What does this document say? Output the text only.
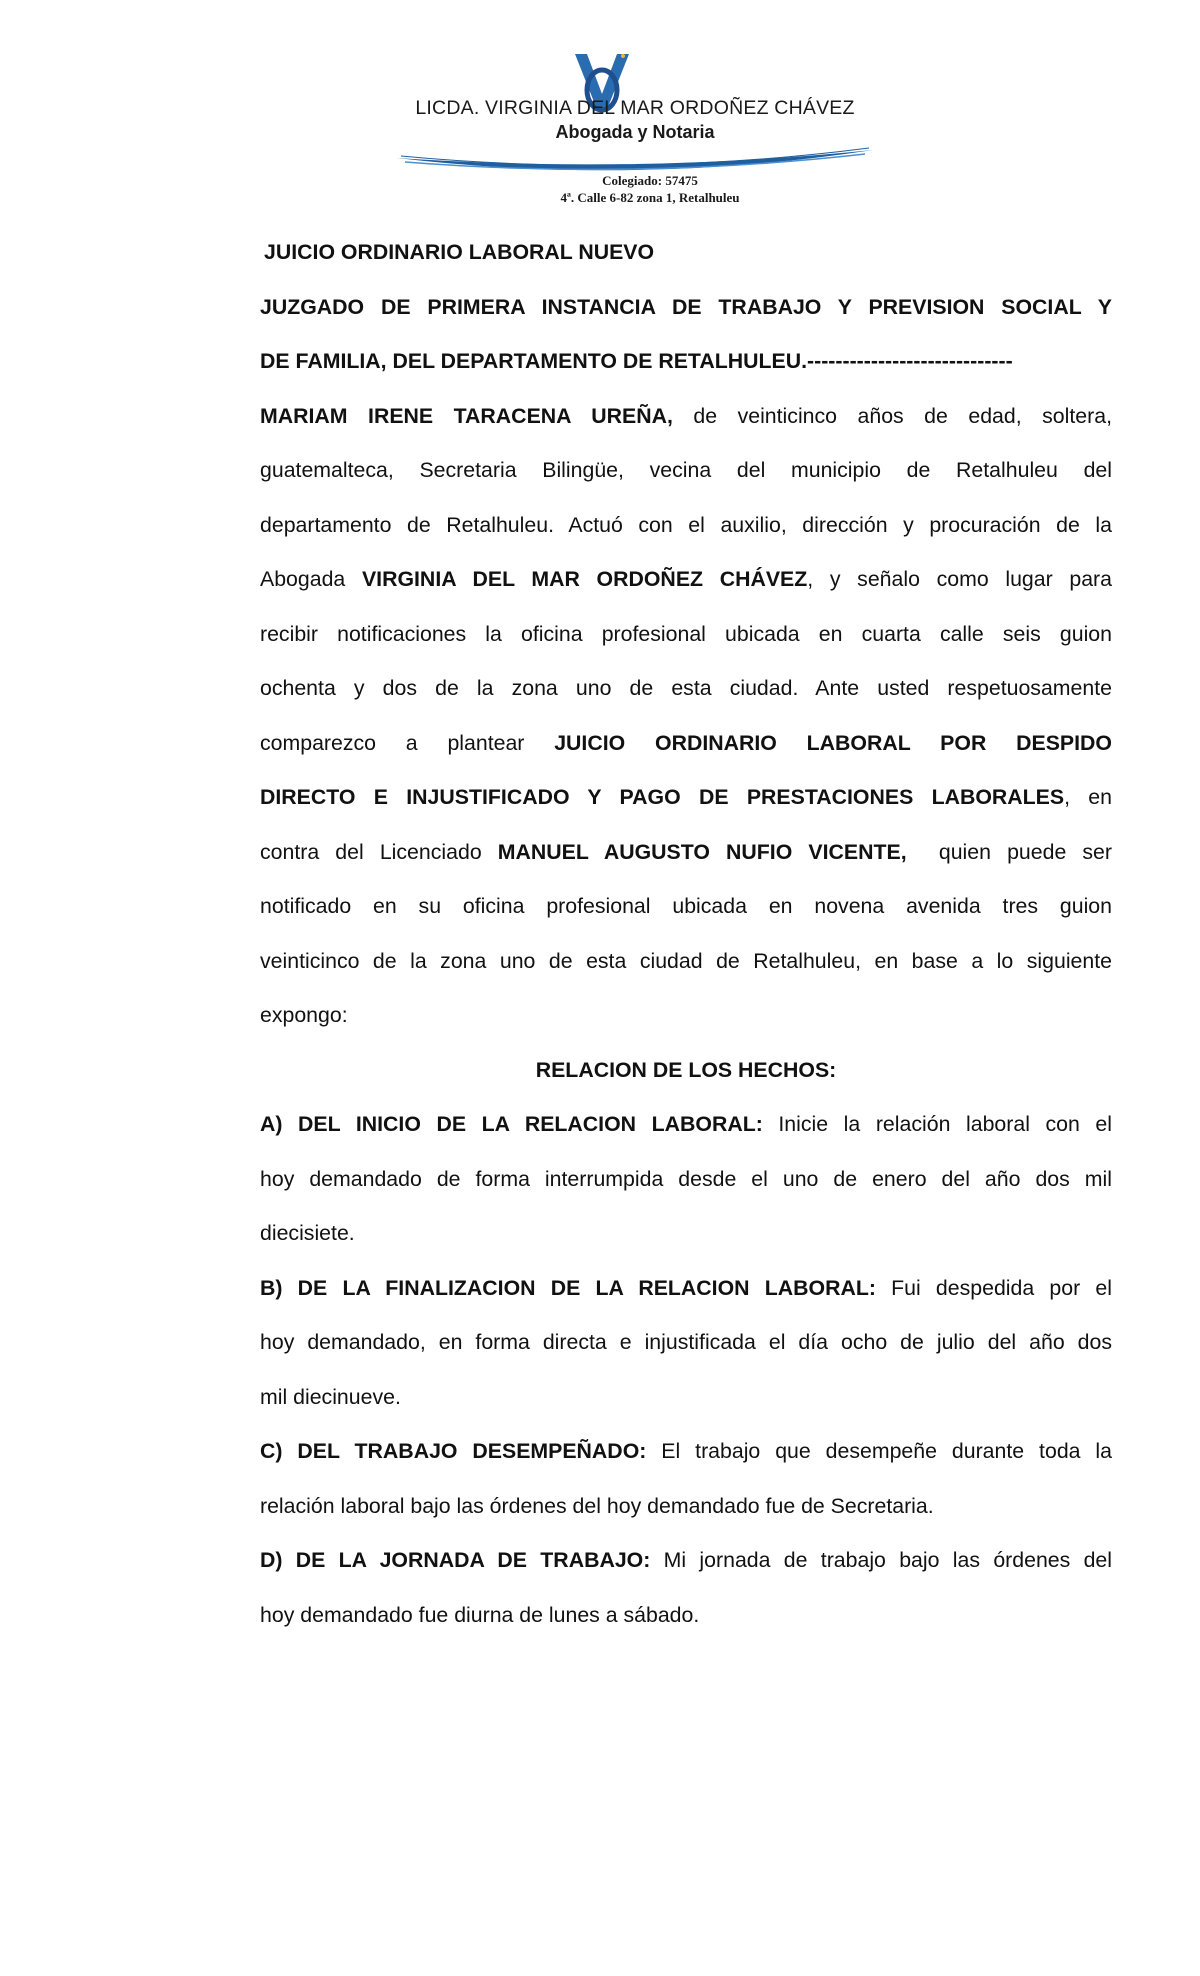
LICDA. VIRGINIA DEL MAR ORDOÑEZ CHÁVEZ
Abogada y Notaria
Colegiado: 57475
4ª. Calle 6-82 zona 1, Retalhuleu
JUICIO ORDINARIO LABORAL NUEVO
JUZGADO DE PRIMERA INSTANCIA DE TRABAJO Y PREVISION SOCIAL Y
DE FAMILIA, DEL DEPARTAMENTO DE RETALHULEU.-----------------------------
MARIAM IRENE TARACENA UREÑA, de veinticinco años de edad, soltera,
guatemalteca, Secretaria Bilingüe, vecina del municipio de Retalhuleu del
departamento de Retalhuleu. Actuó con el auxilio, dirección y procuración de la
Abogada VIRGINIA DEL MAR ORDOÑEZ CHÁVEZ, y señalo como lugar para
recibir notificaciones la oficina profesional ubicada en cuarta calle seis guion
ochenta y dos de la zona uno de esta ciudad. Ante usted respetuosamente
comparezco a plantear JUICIO ORDINARIO LABORAL POR DESPIDO
DIRECTO E INJUSTIFICADO Y PAGO DE PRESTACIONES LABORALES, en
contra del Licenciado MANUEL AUGUSTO NUFIO VICENTE,  quien puede ser
notificado en su oficina profesional ubicada en novena avenida tres guion
veinticinco de la zona uno de esta ciudad de Retalhuleu, en base a lo siguiente
expongo:
RELACION DE LOS HECHOS:
A) DEL INICIO DE LA RELACION LABORAL: Inicie la relación laboral con el
hoy demandado de forma interrumpida desde el uno de enero del año dos mil
diecisiete.
B) DE LA FINALIZACION DE LA RELACION LABORAL: Fui despedida por el
hoy demandado, en forma directa e injustificada el día ocho de julio del año dos
mil diecinueve.
C) DEL TRABAJO DESEMPEÑADO: El trabajo que desempeñe durante toda la
relación laboral bajo las órdenes del hoy demandado fue de Secretaria.
D) DE LA JORNADA DE TRABAJO: Mi jornada de trabajo bajo las órdenes del
hoy demandado fue diurna de lunes a sábado.
